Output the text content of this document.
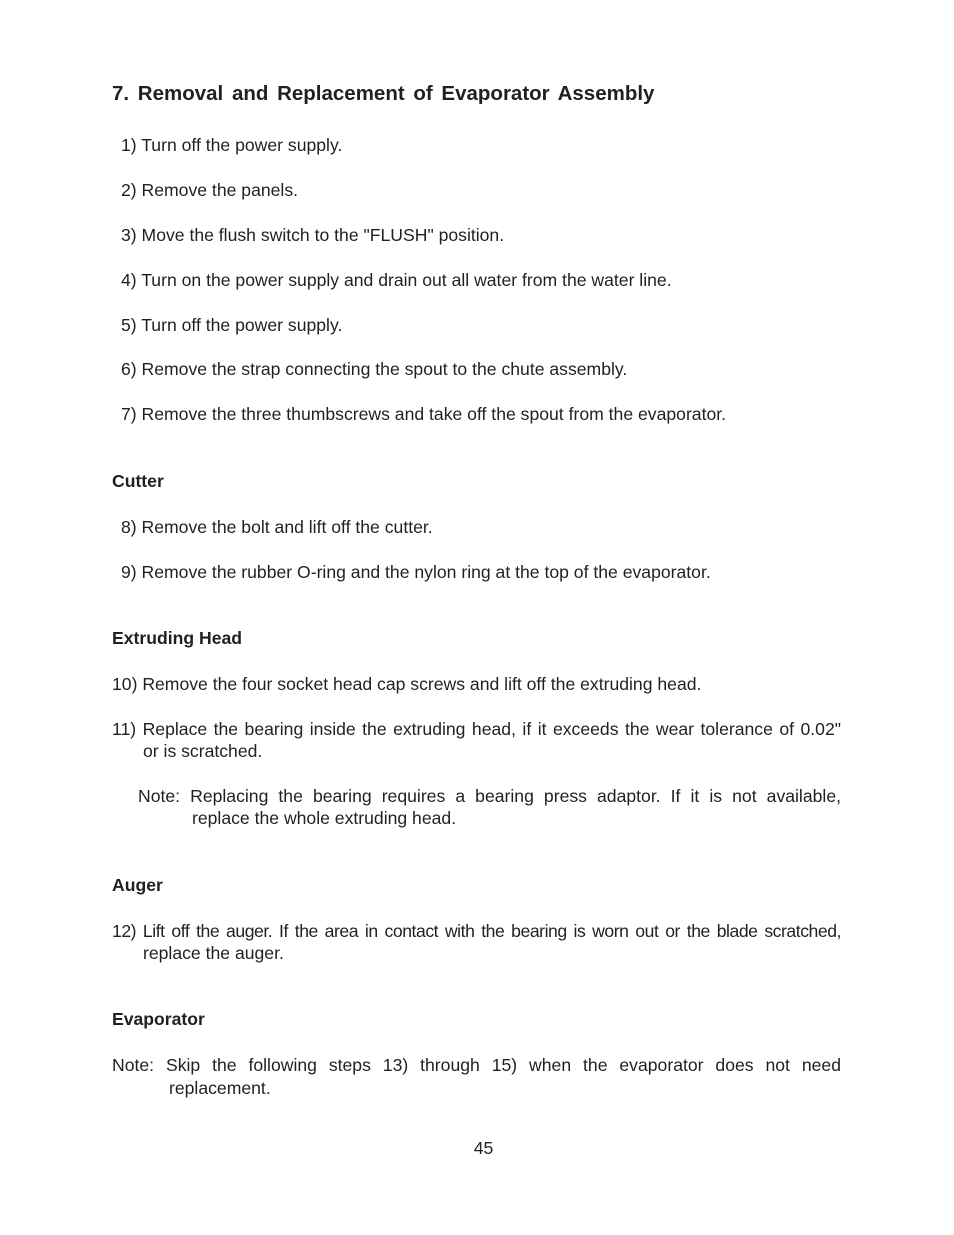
7. Removal and Replacement of Evaporator Assembly
1) Turn off the power supply.
2) Remove the panels.
3) Move the flush switch to the "FLUSH" position.
4) Turn on the power supply and drain out all water from the water line.
5) Turn off the power supply.
6) Remove the strap connecting the spout to the chute assembly.
7) Remove the three thumbscrews and take off the spout from the evaporator.
Cutter
8) Remove the bolt and lift off the cutter.
9) Remove the rubber O-ring and the nylon ring at the top of the evaporator.
Extruding Head
10) Remove the four socket head cap screws and lift off the extruding head.
11) Replace the bearing inside the extruding head, if it exceeds the wear tolerance of 0.02"
or is scratched.
Note: Replacing the bearing requires a bearing press adaptor. If it is not available,
replace the whole extruding head.
Auger
12) Lift off the auger. If the area in contact with the bearing is worn out or the blade scratched,
replace the auger.
Evaporator
Note: Skip the following steps 13) through 15) when the evaporator does not need
replacement.
45
